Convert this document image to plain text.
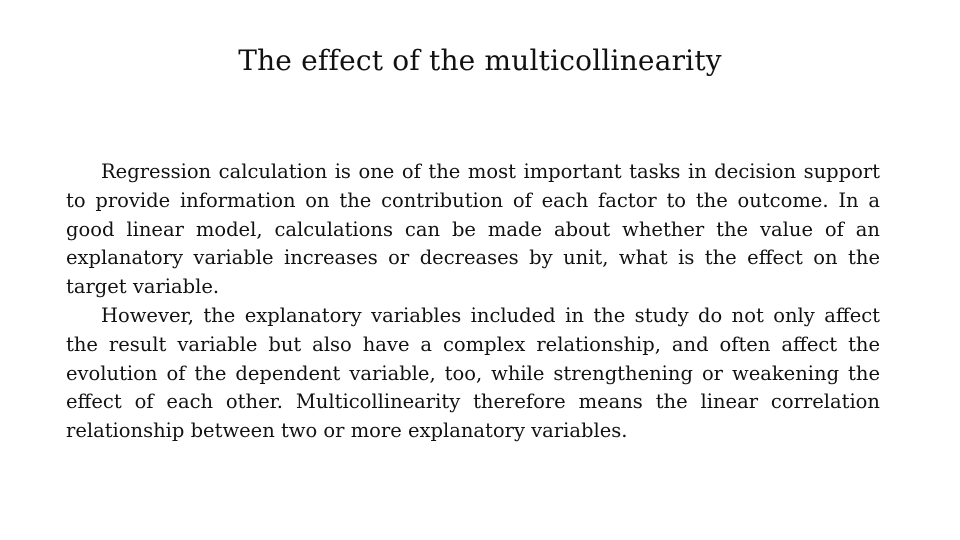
The effect of the multicollinearity

Regression calculation is one of the most important tasks in decision support to provide information on the contribution of each factor to the outcome. In a good linear model, calculations can be made about whether the value of an explanatory variable increases or decreases by unit, what is the effect on the target variable.

However, the explanatory variables included in the study do not only affect the result variable but also have a complex relationship, and often affect the evolution of the dependent variable, too, while strengthening or weakening the effect of each other. Multicollinearity therefore means the linear correlation relationship between two or more explanatory variables.
